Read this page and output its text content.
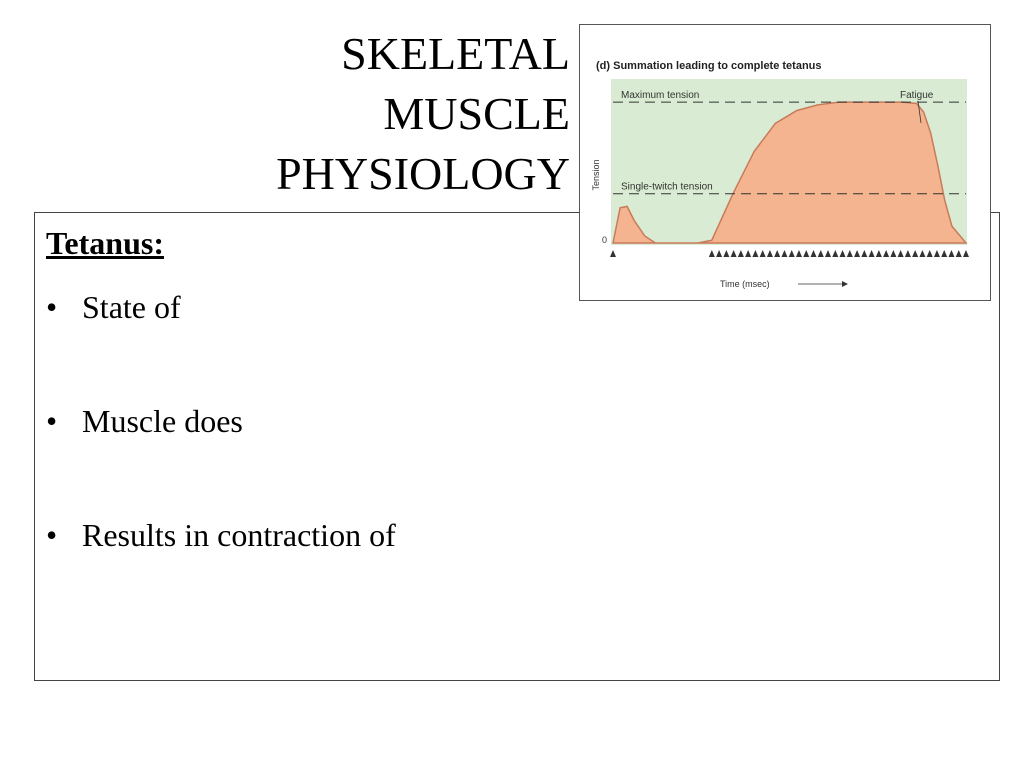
SKELETAL
MUSCLE
PHYSIOLOGY
Tetanus:
• State of
• Muscle does
• Results in contraction of
(d) Summation leading to complete tetanus
Maximum tension
Single-twitch tension
Fatigue
Tension
0
Time (msec)
